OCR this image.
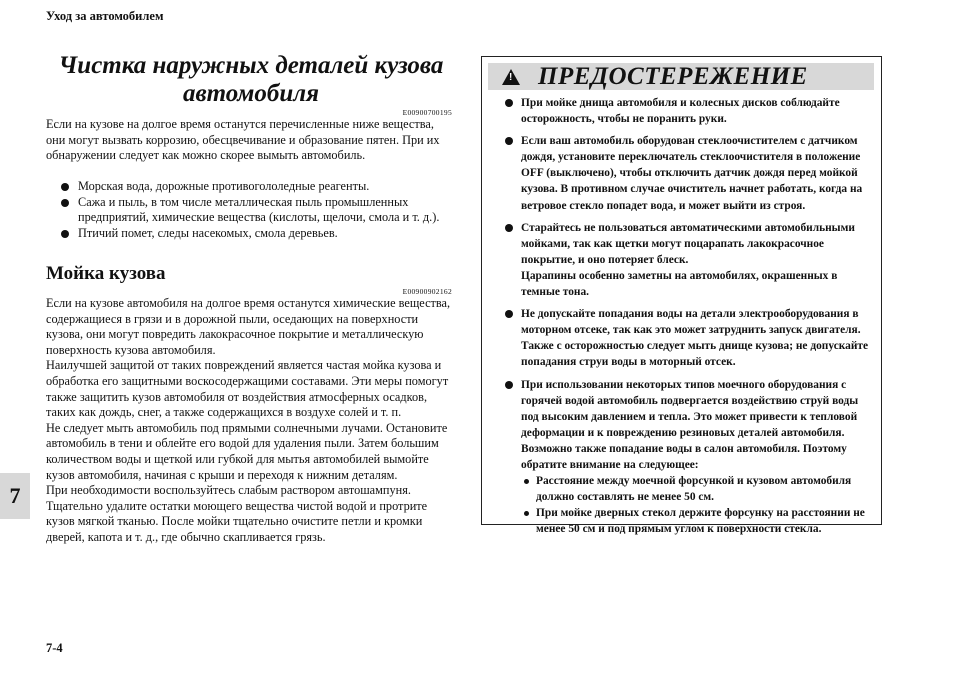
Уход за автомобилем
7
7-4
Чистка наружных деталей кузова
автомобиля
E00900700195

Если на кузове на долгое время останутся перечисленные ниже вещества, они могут вызвать коррозию, обесцвечивание и образование пятен. При их обнаружении следует как можно скорее вымыть автомобиль.

Морская вода, дорожные противогололедные реагенты.
Сажа и пыль, в том числе металлическая пыль промышленных предприятий, химические вещества (кислоты, щелочи, смола и т. д.).
Птичий помет, следы насекомых, смола деревьев.
Мойка кузова
E00900902162

Если на кузове автомобиля на долгое время останутся химические вещества, содержащиеся в грязи и в дорожной пыли, оседающих на поверхности кузова, они могут повредить лакокрасочное покрытие и металлическую поверхность кузова автомобиля.
Наилучшей защитой от таких повреждений является частая мойка кузова и обработка его защитными воскосодержащими составами. Эти меры помогут также защитить кузов автомобиля от воздействия атмосферных осадков, таких как дождь, снег, а также содержащихся в воздухе солей и т. п.
Не следует мыть автомобиль под прямыми солнечными лучами. Остановите автомобиль в тени и облейте его водой для удаления пыли. Затем большим количеством воды и щеткой или губкой для мытья автомобилей вымойте кузов автомобиля, начиная с крыши и переходя к нижним деталям.
При необходимости воспользуйтесь слабым раствором автошампуня. Тщательно удалите остатки моющего вещества чистой водой и протрите кузов мягкой тканью. После мойки тщательно очистите петли и кромки дверей, капота и т. д., где обычно скапливается грязь.

! ПРЕДОСТЕРЕЖЕНИЕ
При мойке днища автомобиля и колесных дисков соблюдайте осторожность, чтобы не поранить руки.
Если ваш автомобиль оборудован стеклоочистителем с датчиком дождя, установите переключатель стеклоочистителя в положение OFF (выключено), чтобы отключить датчик дождя перед мойкой кузова. В противном случае очиститель начнет работать, когда на ветровое стекло попадет вода, и может выйти из строя.
Старайтесь не пользоваться автоматическими автомобильными мойками, так как щетки могут поцарапать лакокрасочное покрытие, и оно потеряет блеск.
Царапины особенно заметны на автомобилях, окрашенных в темные тона.
Не допускайте попадания воды на детали электрооборудования в моторном отсеке, так как это может затруднить запуск двигателя.
Также с осторожностью следует мыть днище кузова; не допускайте попадания струи воды в моторный отсек.
При использовании некоторых типов моечного оборудования с горячей водой автомобиль подвергается воздействию струй воды под высоким давлением и тепла. Это может привести к тепловой деформации и к повреждению резиновых деталей автомобиля. Возможно также попадание воды в салон автомобиля. Поэтому обратите внимание на следующее:
Расстояние между моечной форсункой и кузовом автомобиля должно составлять не менее 50 см.
При мойке дверных стекол держите форсунку на расстоянии не менее 50 см и под прямым углом к поверхности стекла.
